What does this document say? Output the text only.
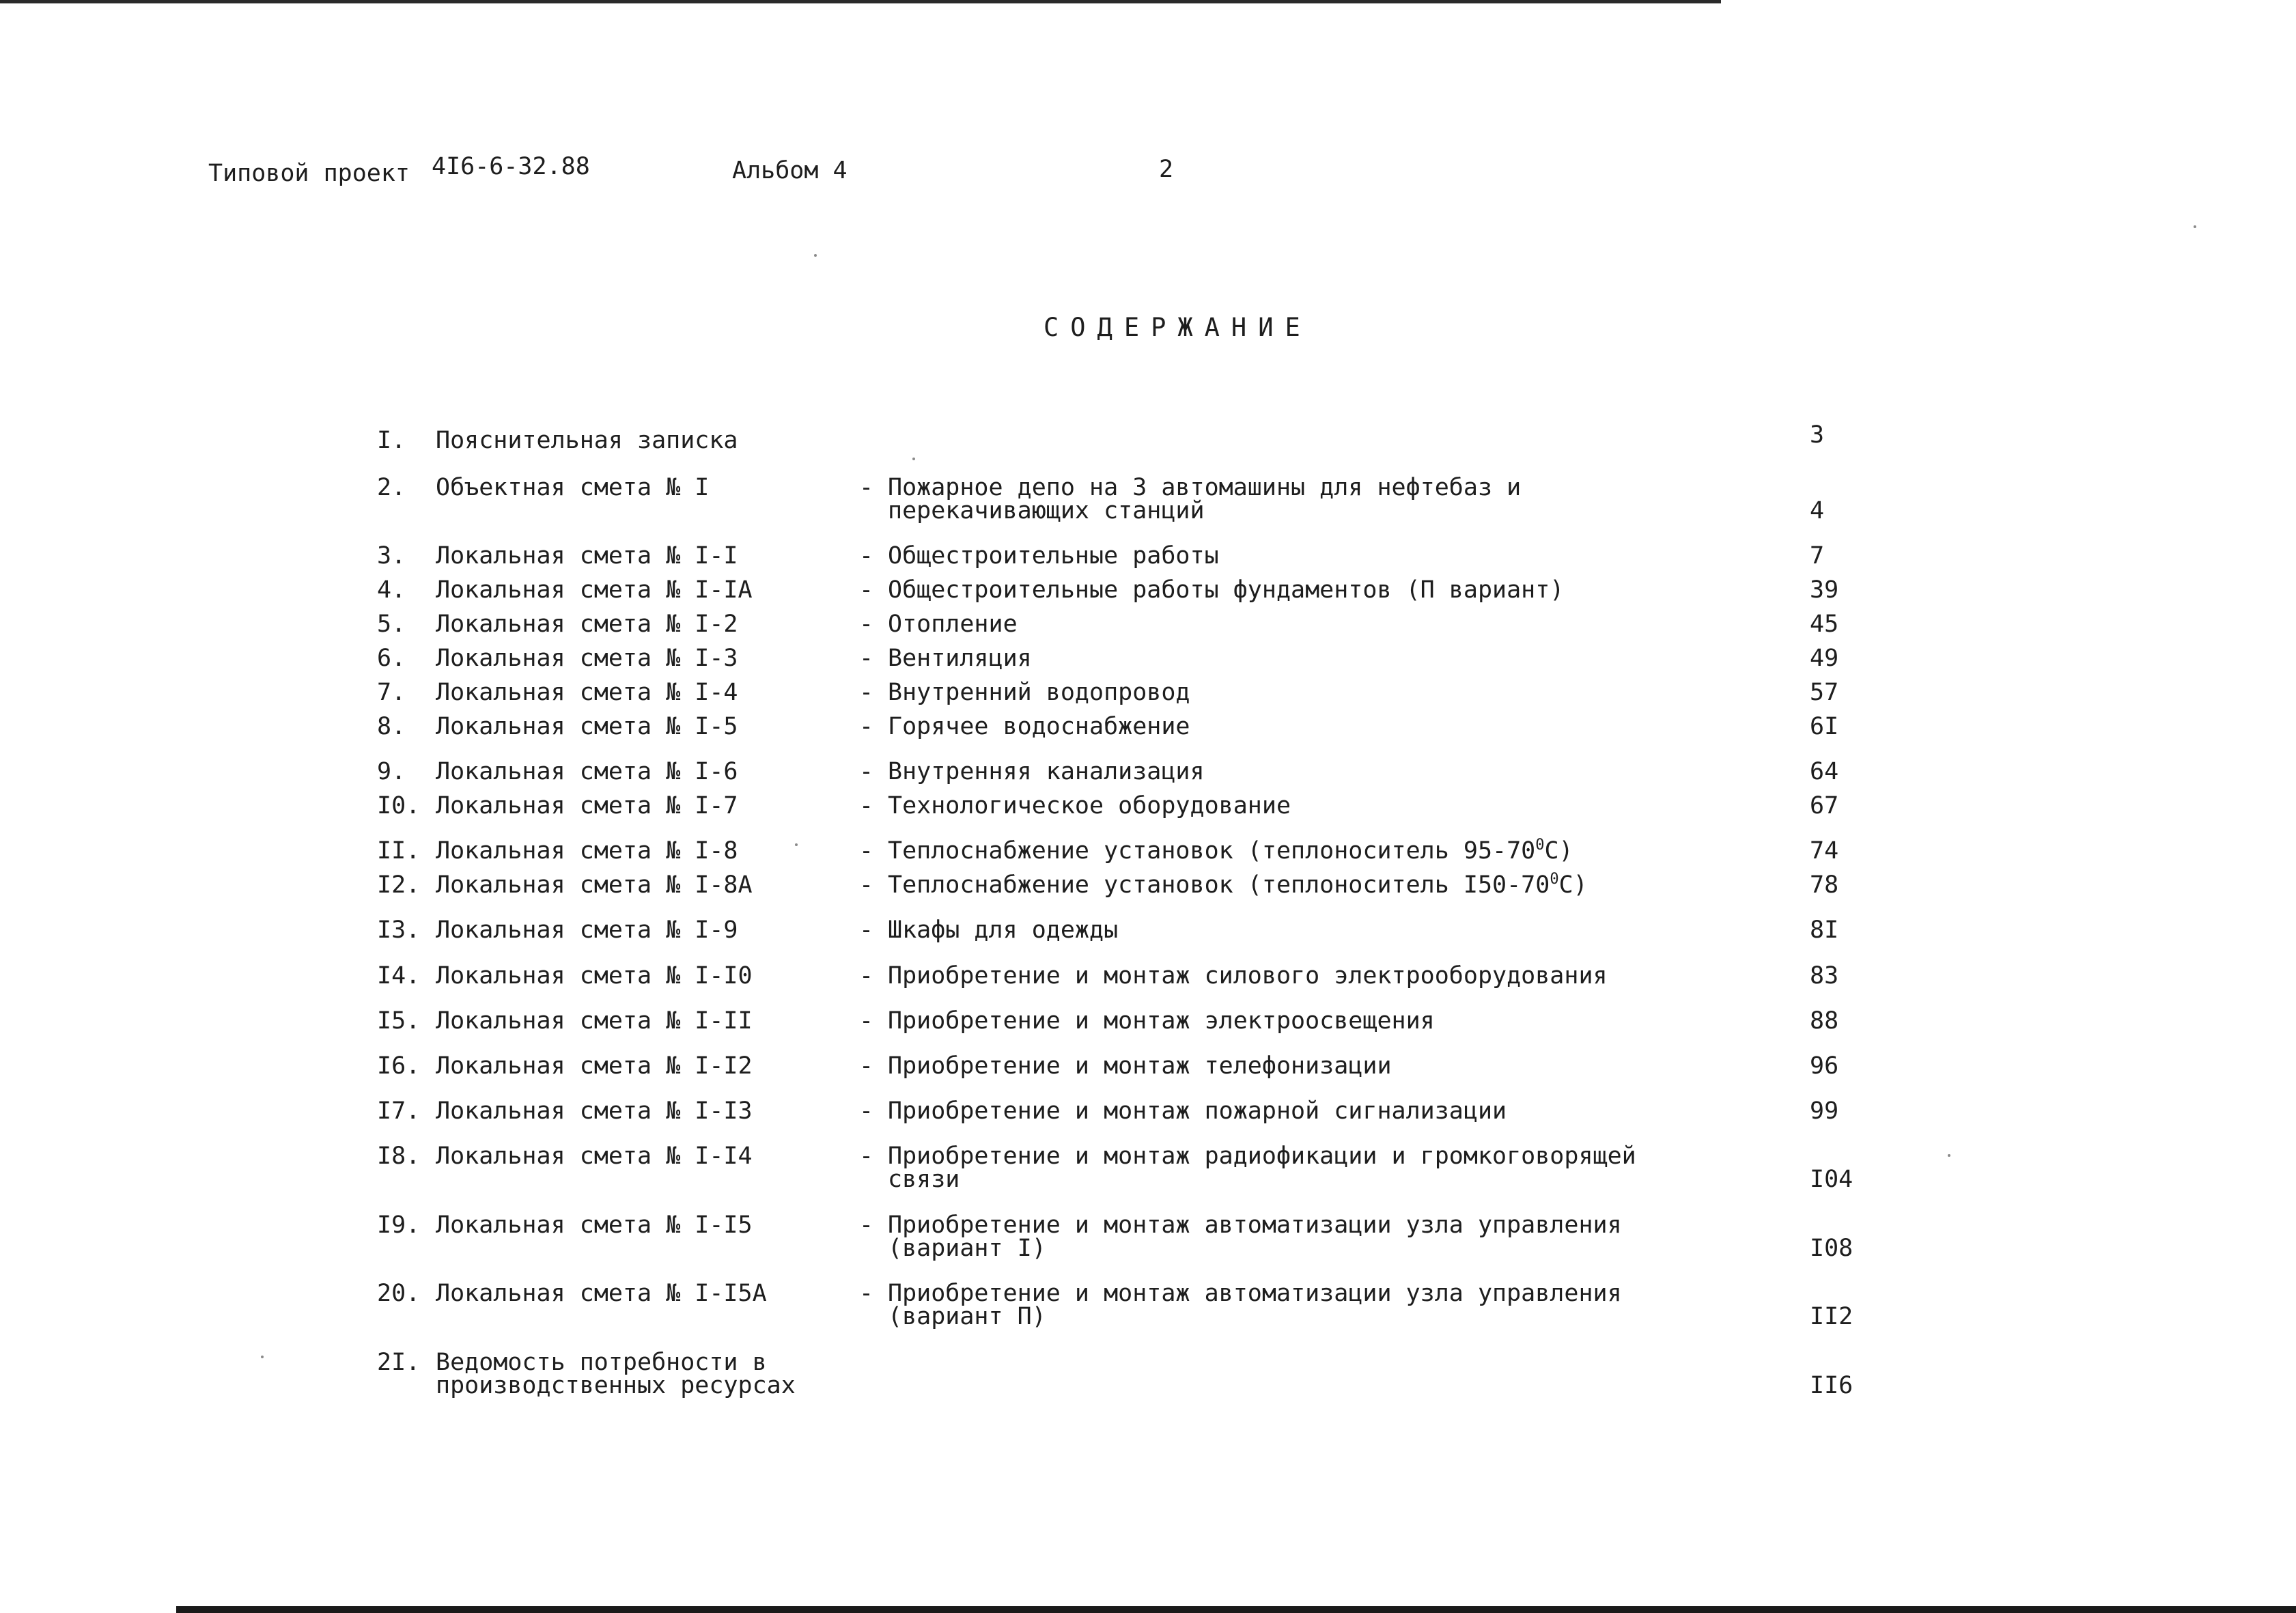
Типовой проект 4I6-6-32.88	Альбом 4	2
СОДЕРЖАНИЕ
I. Пояснительная записка	3
2. Объектная смета № I	- Пожарное депо на 3 автомашины для нефтебаз и
перекачивающих станций	4
3. Локальная смета № I-I	- Общестроительные работы	7
4. Локальная смета № I-IA	- Общестроительные работы фундаментов (П вариант)	39
5. Локальная смета № I-2	- Отопление	45
6. Локальная смета № I-3	- Вентиляция	49
7. Локальная смета № I-4	- Внутренний водопровод	57
8. Локальная смета № I-5	- Горячее водоснабжение	6I
9. Локальная смета № I-6	- Внутренняя канализация	64
I0. Локальная смета № I-7	- Технологическое оборудование	67
II. Локальная смета № I-8	- Теплоснабжение установок (теплоноситель $95-70^0С$)	74
I2. Локальная смета № I-8A	- Теплоснабжение установок (теплоноситель $I50-70^0С$)	78
I3. Локальная смета № I-9	- Шкафы для одежды	8I
I4. Локальная смета № I-I0	- Приобретение и монтаж силового электрооборудования	83
I5. Локальная смета № I-II	- Приобретение и монтаж электроосвещения	88
I6. Локальная смета № I-I2	- Приобретение и монтаж телефонизации	96
I7. Локальная смета № I-I3	- Приобретение и монтаж пожарной сигнализации	99
I8. Локальная смета № I-I4	- Приобретение и монтаж радиофикации и громкоговорящей
связи	I04
I9. Локальная смета № I-I5	- Приобретение и монтаж автоматизации узла управления
(вариант I)	I08
20. Локальная смета № I-I5A	- Приобретение и монтаж автоматизации узла управления
(вариант П)	II2
2I. Ведомость потребности в
производственных ресурсах	II6
